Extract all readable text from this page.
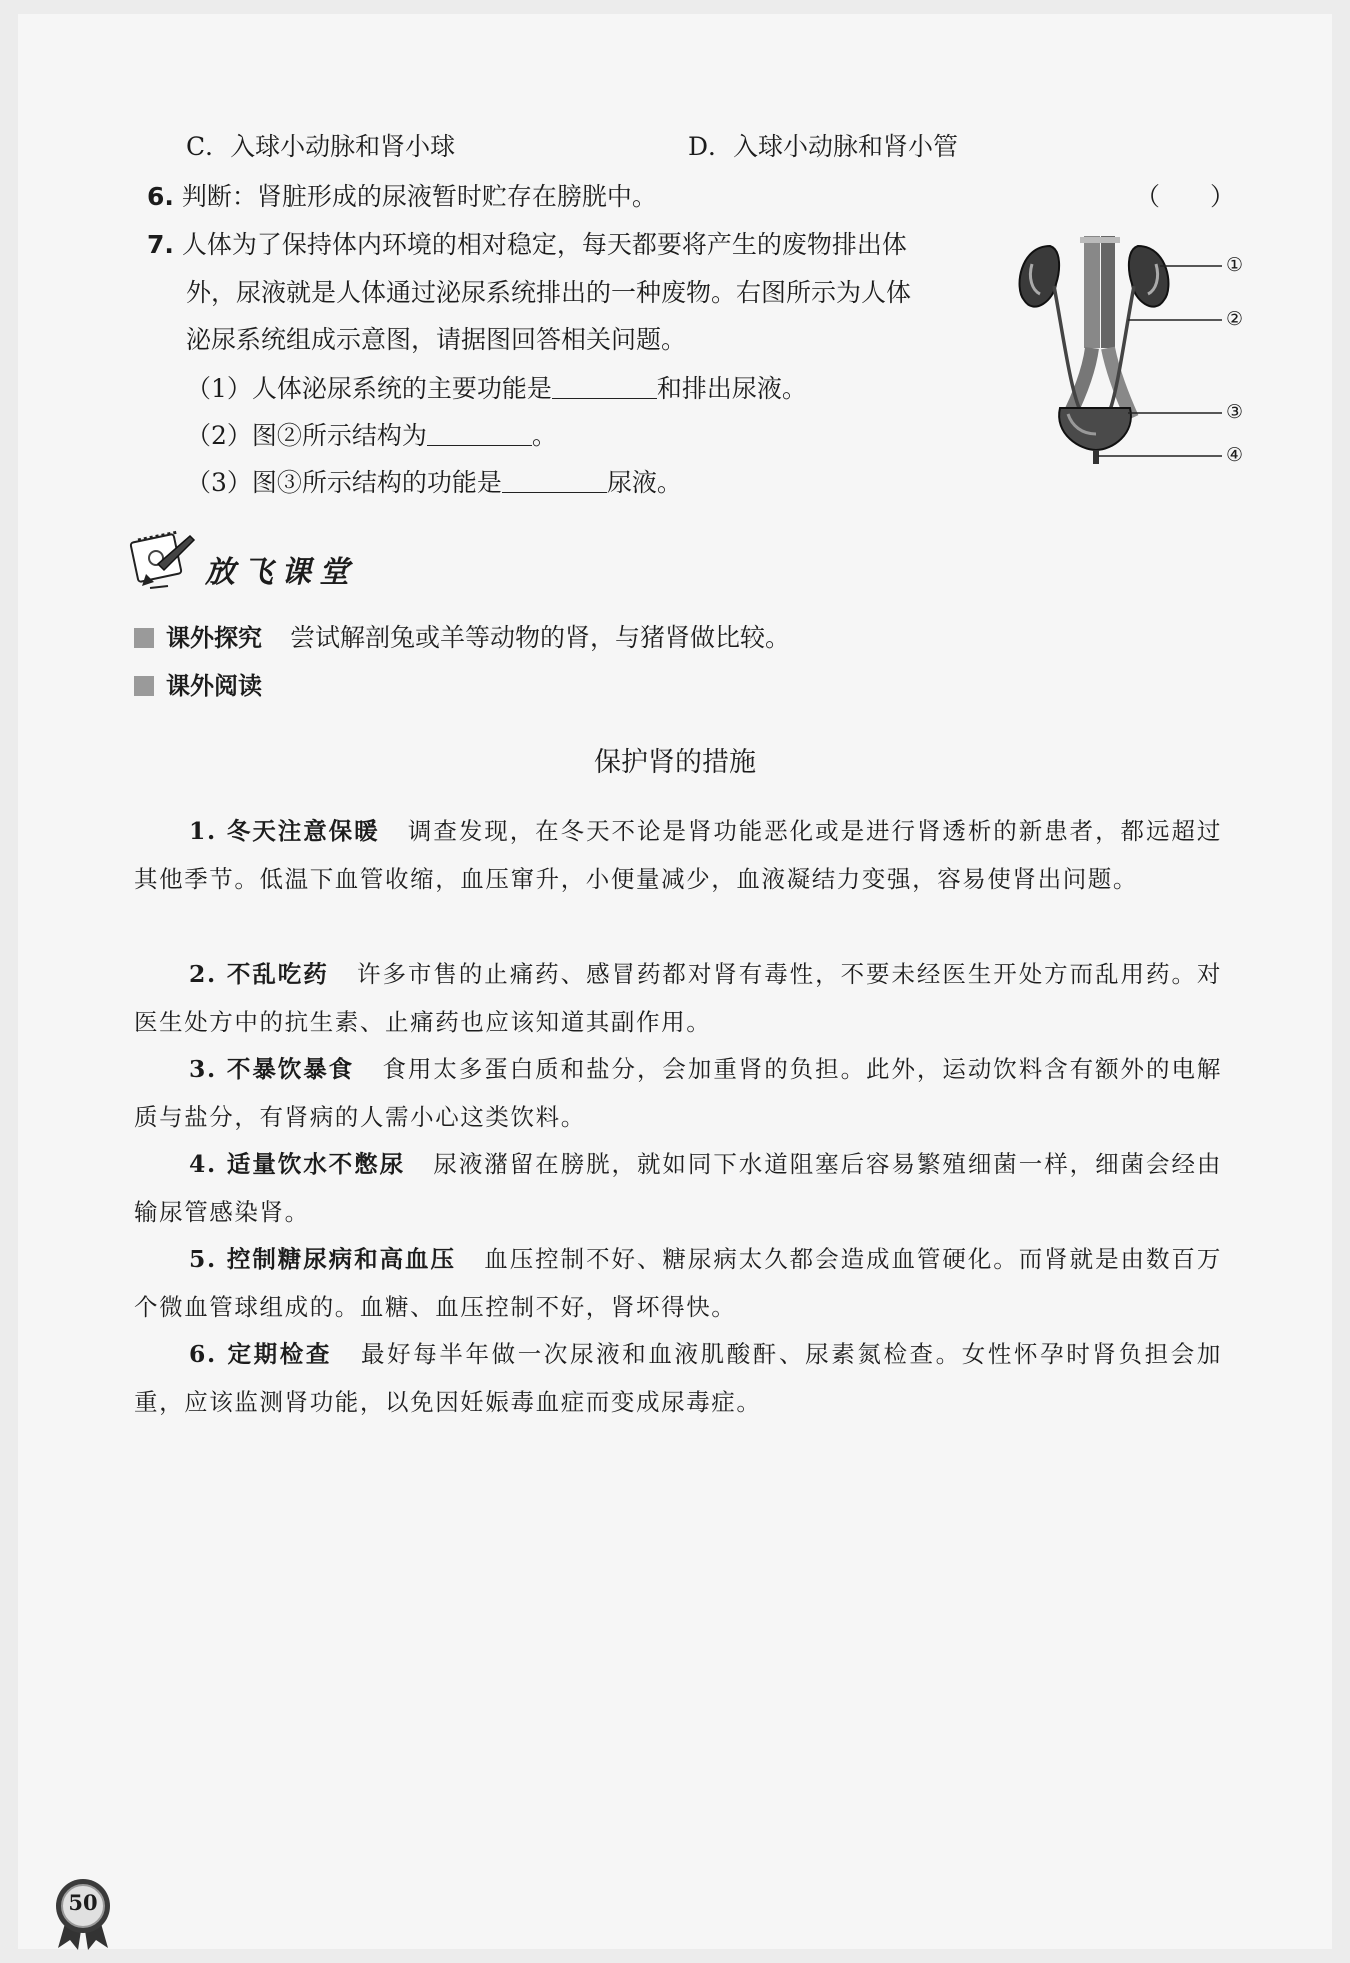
C．入球小动脉和肾小球	D．入球小动脉和肾小管
6. 判断：肾脏形成的尿液暂时贮存在膀胱中。	（　　）
7. 人体为了保持体内环境的相对稳定，每天都要将产生的废物排出体
外，尿液就是人体通过泌尿系统排出的一种废物。右图所示为人体
泌尿系统组成示意图，请据图回答相关问题。
（1）人体泌尿系统的主要功能是	和排出尿液。
（2）图②所示结构为	。
（3）图③所示结构的功能是	尿液。
①
②
③
④
放飞课堂
课外探究 尝试解剖兔或羊等动物的肾，与猪肾做比较。
课外阅读
保护肾的措施
1. 冬天注意保暖 调查发现，在冬天不论是肾功能恶化或是进行肾透析的新患者，都远超过其他季节。低温下血管收缩，血压窜升，小便量减少，血液凝结力变强，容易使肾出问题。
2. 不乱吃药 许多市售的止痛药、感冒药都对肾有毒性，不要未经医生开处方而乱用药。对医生处方中的抗生素、止痛药也应该知道其副作用。
3. 不暴饮暴食 食用太多蛋白质和盐分，会加重肾的负担。此外，运动饮料含有额外的电解质与盐分，有肾病的人需小心这类饮料。
4. 适量饮水不憋尿 尿液潴留在膀胱，就如同下水道阻塞后容易繁殖细菌一样，细菌会经由输尿管感染肾。
5. 控制糖尿病和高血压 血压控制不好、糖尿病太久都会造成血管硬化。而肾就是由数百万个微血管球组成的。血糖、血压控制不好，肾坏得快。
6. 定期检查 最好每半年做一次尿液和血液肌酸酐、尿素氮检查。女性怀孕时肾负担会加重，应该监测肾功能，以免因妊娠毒血症而变成尿毒症。
50
